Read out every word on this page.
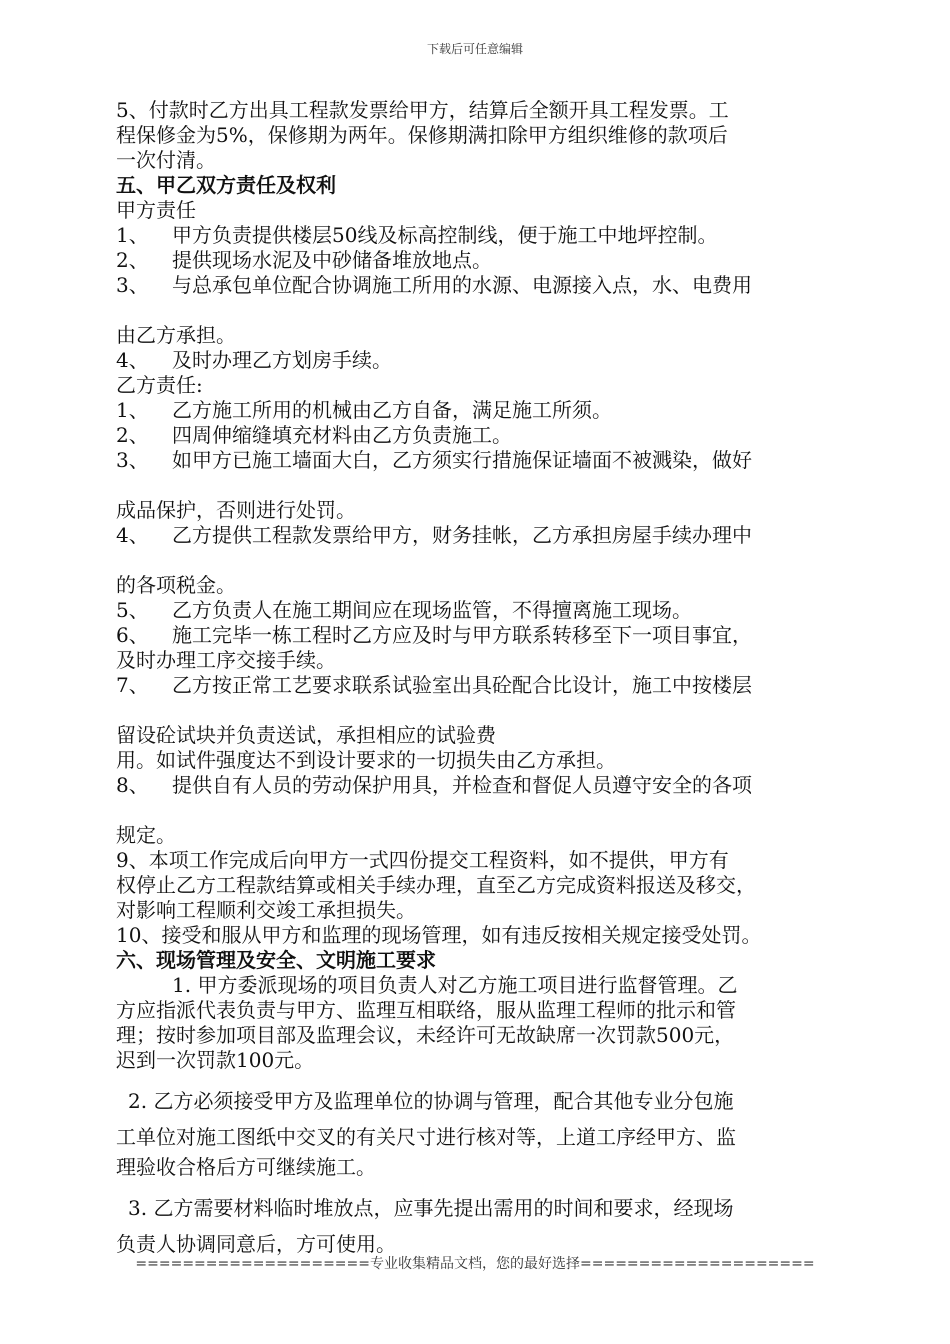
下载后可任意编辑
5、付款时乙方出具工程款发票给甲方，结算后全额开具工程发票。工
程保修金为5%，保修期为两年。保修期满扣除甲方组织维修的款项后
一次付清。
五、甲乙双方责任及权利
甲方责任
1、 甲方负责提供楼层50线及标高控制线，便于施工中地坪控制。
2、 提供现场水泥及中砂储备堆放地点。
3、	与总承包单位配合协调施工所用的水源、电源接入点，水、电费用
由乙方承担。
4、 及时办理乙方划房手续。
乙方责任:
1、 乙方施工所用的机械由乙方自备，满足施工所须。
2、 四周伸缩缝填充材料由乙方负责施工。
3、	如甲方已施工墙面大白，乙方须实行措施保证墙面不被溅染，做好
成品保护，否则进行处罚。
4、	乙方提供工程款发票给甲方，财务挂帐，乙方承担房屋手续办理中
的各项税金。
5、 乙方负责人在施工期间应在现场监管，不得擅离施工现场。
6、 施工完毕一栋工程时乙方应及时与甲方联系转移至下一项目事宜，
及时办理工序交接手续。
7、	乙方按正常工艺要求联系试验室出具砼配合比设计，施工中按楼层
留设砼试块并负责送试，承担相应的试验费
用。如试件强度达不到设计要求的一切损失由乙方承担。
8、	提供自有人员的劳动保护用具，并检查和督促人员遵守安全的各项
规定。
9、本项工作完成后向甲方一式四份提交工程资料，如不提供，甲方有
权停止乙方工程款结算或相关手续办理，直至乙方完成资料报送及移交，
对影响工程顺利交竣工承担损失。
10、接受和服从甲方和监理的现场管理，如有违反按相关规定接受处罚。
六、现场管理及安全、文明施工要求
1. 甲方委派现场的项目负责人对乙方施工项目进行监督管理。乙
方应指派代表负责与甲方、监理互相联络，服从监理工程师的批示和管
理；按时参加项目部及监理会议，未经许可无故缺席一次罚款500元，
迟到一次罚款100元。
2. 乙方必须接受甲方及监理单位的协调与管理，配合其他专业分包施
工单位对施工图纸中交叉的有关尺寸进行核对等，上道工序经甲方、监
理验收合格后方可继续施工。
3. 乙方需要材料临时堆放点，应事先提出需用的时间和要求，经现场
负责人协调同意后，方可使用。
====================专业收集精品文档，您的最好选择====================
